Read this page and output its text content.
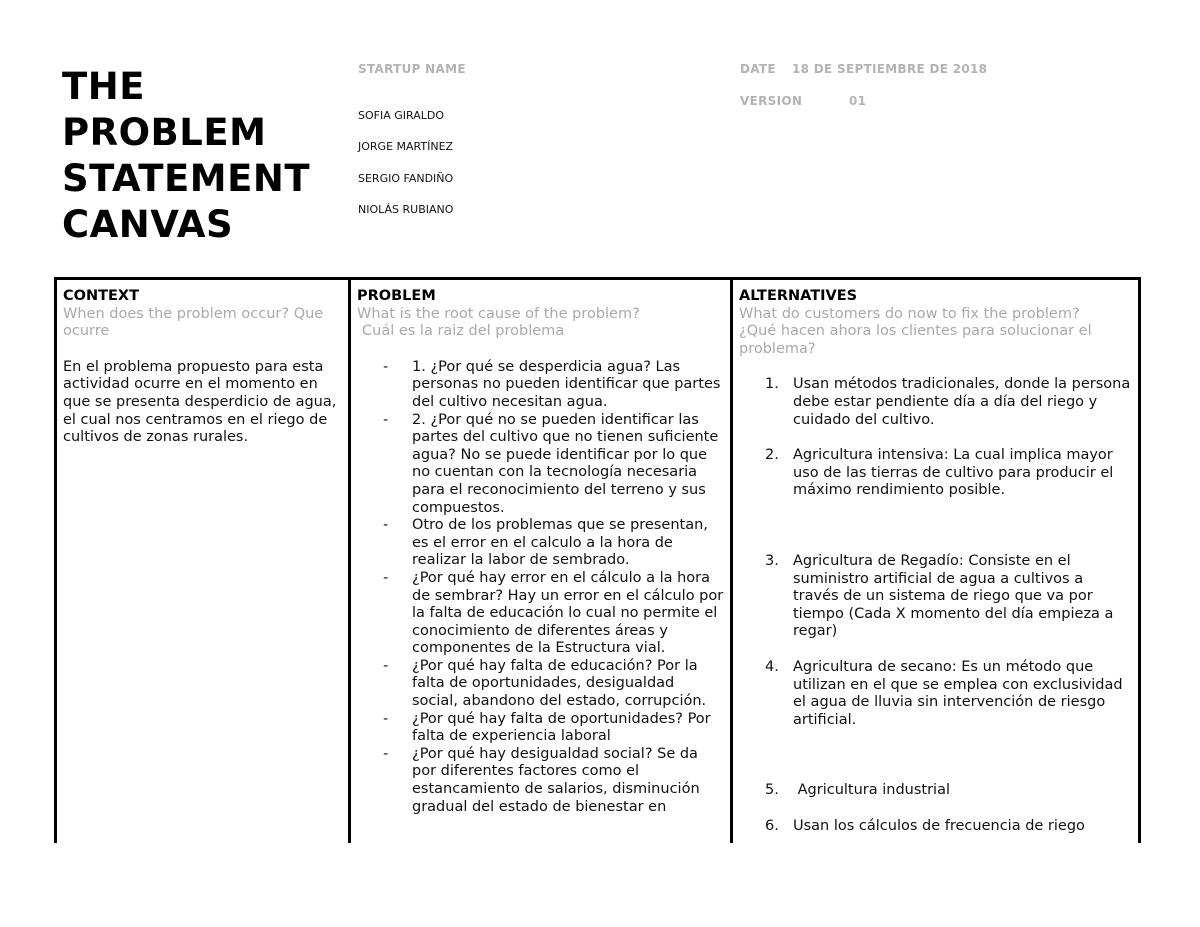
THE
PROBLEM
STATEMENT
CANVAS
STARTUP NAME
SOFIA GIRALDO
JORGE MARTÍNEZ
SERGIO FANDIÑO
NIOLÁS RUBIANO
DATE 18 DE SEPTIEMBRE DE 2018
VERSION	01
CONTEXT
When does the problem occur? Que ocurre
En el problema propuesto para esta actividad ocurre en el momento en que se presenta desperdicio de agua, el cual nos centramos en el riego de cultivos de zonas rurales.
PROBLEM
What is the root cause of the problem?
Cuál es la raiz del problema
- 1. ¿Por qué se desperdicia agua? Las personas no pueden identificar que partes del cultivo necesitan agua.
- 2. ¿Por qué no se pueden identificar las partes del cultivo que no tienen suficiente agua? No se puede identificar por lo que no cuentan con la tecnología necesaria para el reconocimiento del terreno y sus compuestos.
- Otro de los problemas que se presentan, es el error en el calculo a la hora de realizar la labor de sembrado.
- ¿Por qué hay error en el cálculo a la hora de sembrar? Hay un error en el cálculo por la falta de educación lo cual no permite el conocimiento de diferentes áreas y componentes de la Estructura vial.
- ¿Por qué hay falta de educación? Por la falta de oportunidades, desigualdad social, abandono del estado, corrupción.
- ¿Por qué hay falta de oportunidades? Por falta de experiencia laboral
- ¿Por qué hay desigualdad social? Se da por diferentes factores como el estancamiento de salarios, disminución gradual del estado de bienestar en
ALTERNATIVES
What do customers do now to fix the problem?
¿Qué hacen ahora los clientes para solucionar el problema?
1. Usan métodos tradicionales, donde la persona debe estar pendiente día a día del riego y cuidado del cultivo.
2. Agricultura intensiva: La cual implica mayor uso de las tierras de cultivo para producir el máximo rendimiento posible.
3. Agricultura de Regadío: Consiste en el suministro artificial de agua a cultivos a través de un sistema de riego que va por tiempo (Cada X momento del día empieza a regar)
4. Agricultura de secano: Es un método que utilizan en el que se emplea con exclusividad el agua de lluvia sin intervención de riesgo artificial.
5. Agricultura industrial
6. Usan los cálculos de frecuencia de riego
